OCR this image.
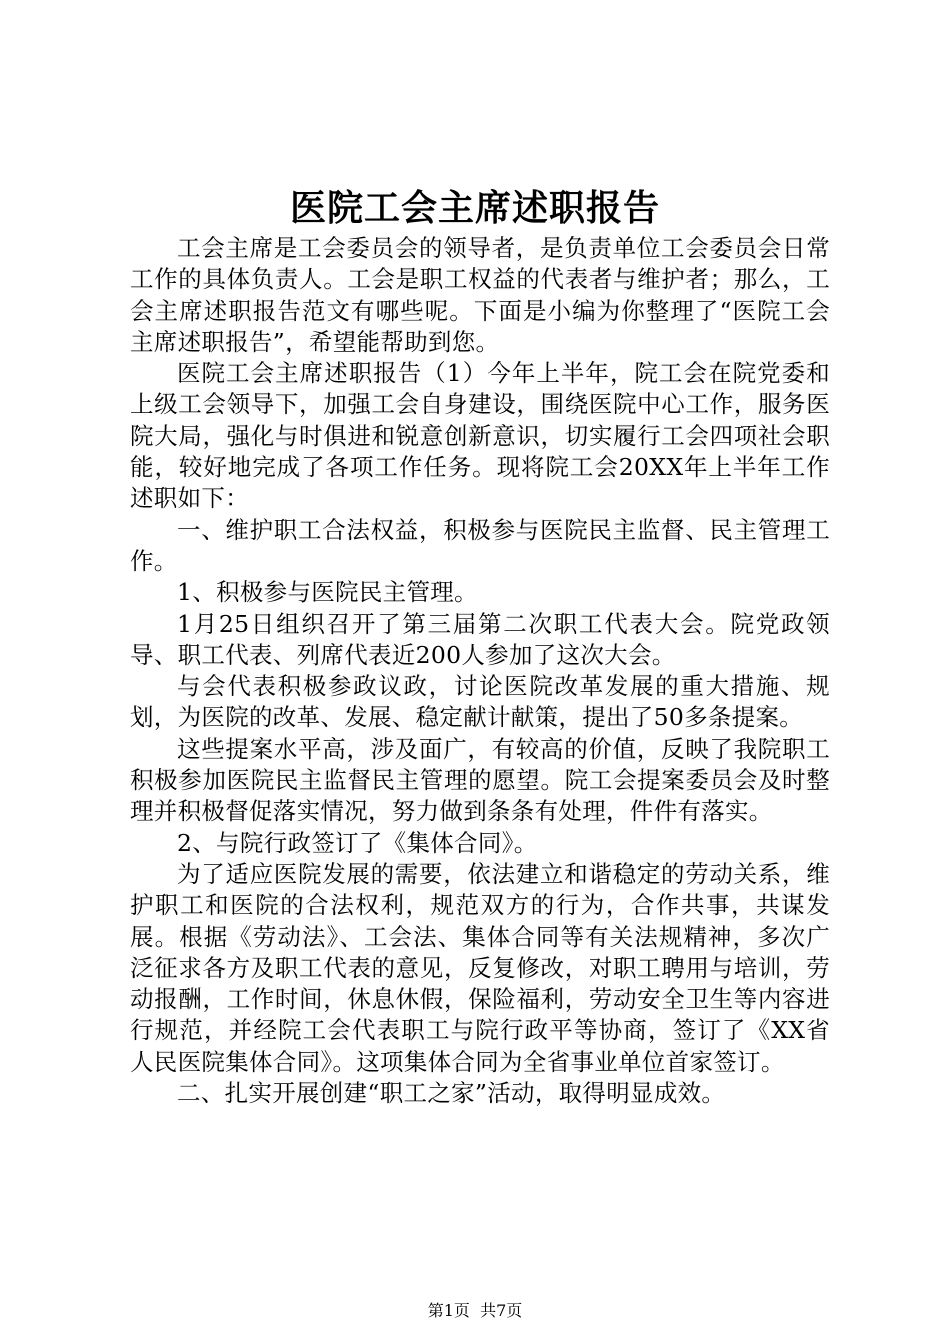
医院工会主席述职报告

工会主席是工会委员会的领导者，是负责单位工会委员会日常工作的具体负责人。工会是职工权益的代表者与维护者；那么，工会主席述职报告范文有哪些呢。下面是小编为你整理了“医院工会主席述职报告”，希望能帮助到您。

医院工会主席述职报告（1）今年上半年，院工会在院党委和上级工会领导下，加强工会自身建设，围绕医院中心工作，服务医院大局，强化与时俱进和锐意创新意识，切实履行工会四项社会职能，较好地完成了各项工作任务。现将院工会20XX年上半年工作述职如下：

一、维护职工合法权益，积极参与医院民主监督、民主管理工作。

1、积极参与医院民主管理。

1月25日组织召开了第三届第二次职工代表大会。院党政领导、职工代表、列席代表近200人参加了这次大会。

与会代表积极参政议政，讨论医院改革发展的重大措施、规划，为医院的改革、发展、稳定献计献策，提出了50多条提案。

这些提案水平高，涉及面广，有较高的价值，反映了我院职工积极参加医院民主监督民主管理的愿望。院工会提案委员会及时整理并积极督促落实情况，努力做到条条有处理，件件有落实。

2、与院行政签订了《集体合同》。

为了适应医院发展的需要，依法建立和谐稳定的劳动关系，维护职工和医院的合法权利，规范双方的行为，合作共事，共谋发展。根据《劳动法》、工会法、集体合同等有关法规精神，多次广泛征求各方及职工代表的意见，反复修改，对职工聘用与培训，劳动报酬，工作时间，休息休假，保险福利，劳动安全卫生等内容进行规范，并经院工会代表职工与院行政平等协商，签订了《XX省人民医院集体合同》。这项集体合同为全省事业单位首家签订。

二、扎实开展创建“职工之家”活动，取得明显成效。

第1页 共7页
